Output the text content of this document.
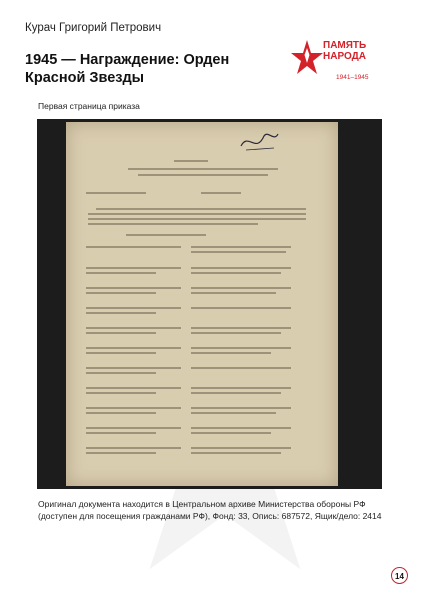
Курач Григорий Петрович
1945 — Награждение: Орден Красной Звезды
ПАМЯТЬ
НАРОДА
1941–1945
Первая страница приказа
Оригинал документа находится в Центральном архиве Министерства обороны РФ (доступен для посещения гражданами РФ), Фонд: 33, Опись: 687572, Ящик/дело: 2414
14
